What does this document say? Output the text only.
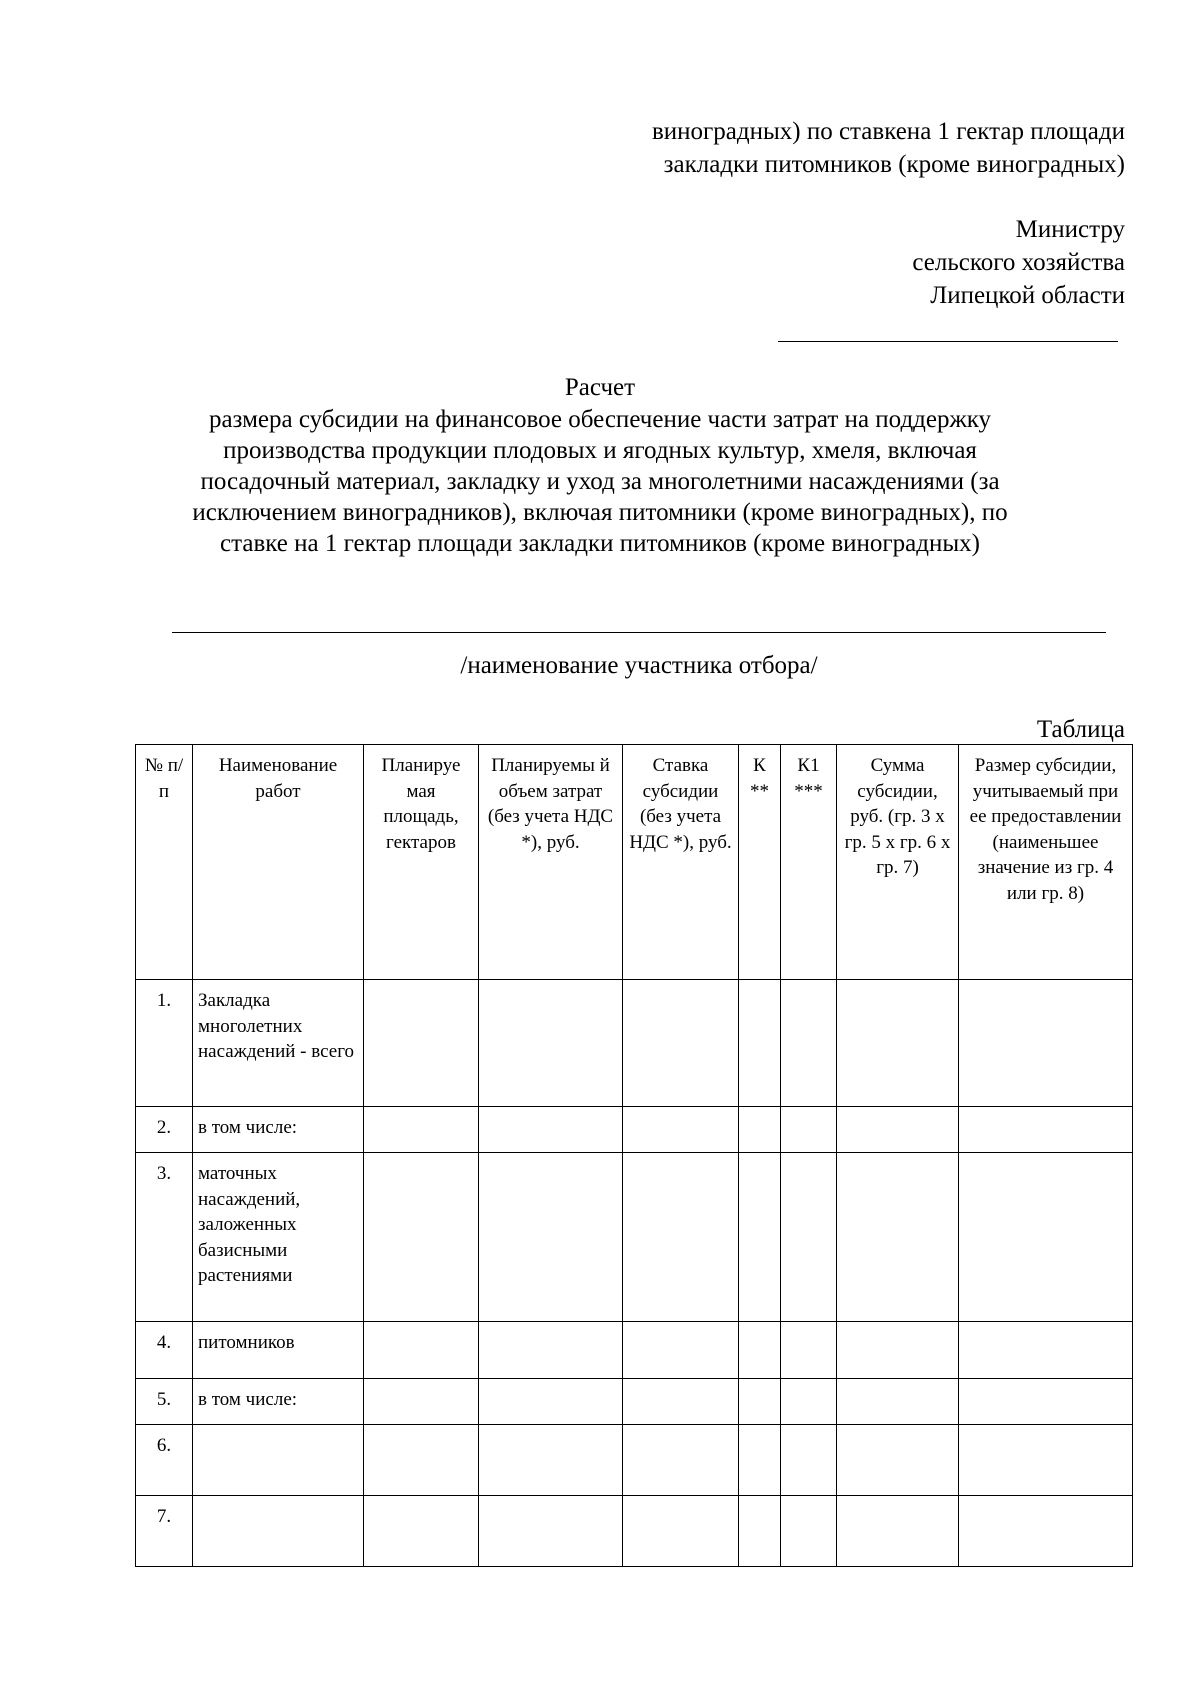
виноградных) по ставкена 1 гектар площади
закладки питомников (кроме виноградных)
Министру
сельского хозяйства
Липецкой области
Расчет
размера субсидии на финансовое обеспечение части затрат на поддержку
производства продукции плодовых и ягодных культур, хмеля, включая
посадочный материал, закладку и уход за многолетними насаждениями (за
исключением виноградников), включая питомники (кроме виноградных), по
ставке на 1 гектар площади закладки питомников (кроме виноградных)
/наименование участника отбора/
Таблица
№ п/п	Наименование работ	Планируе мая площадь, гектаров	Планируемы й объем затрат (без учета НДС *), руб.	Ставка субсидии (без учета НДС *), руб.	К **	К1 ***	Сумма субсидии, руб. (гр. 3 х гр. 5 х гр. 6 х гр. 7)	Размер субсидии, учитываемый при ее предоставлении (наименьшее значение из гр. 4 или гр. 8)
1.	Закладка многолетних насаждений - всего							
2.	в том числе:							
3.	маточных насаждений, заложенных базисными растениями							
4.	питомников							
5.	в том числе:							
6.								
7.								
